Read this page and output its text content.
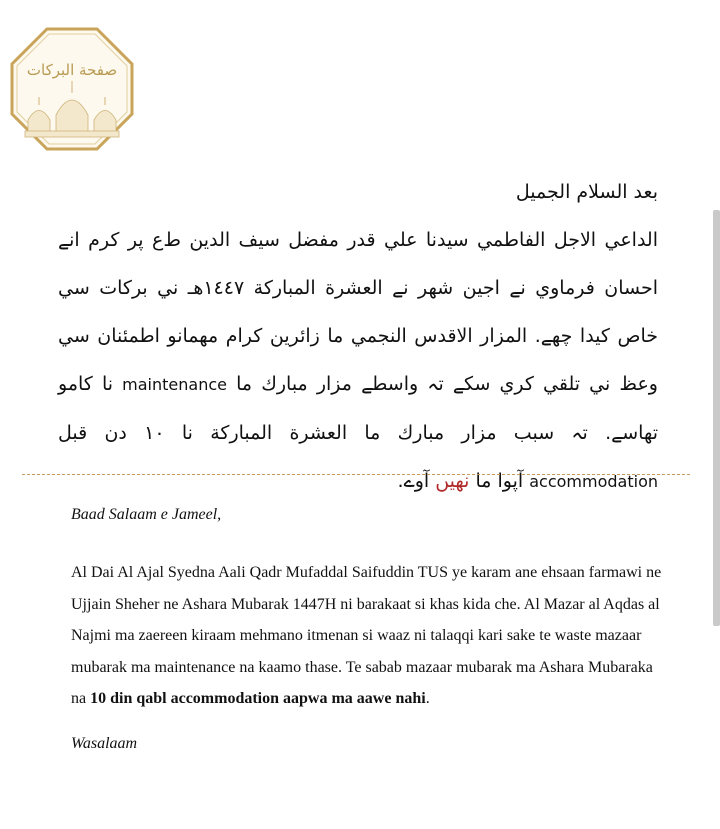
صفحة البركات
بعد السلام الجميل
الداعي الاجل الفاطمي سيدنا علي قدر مفضل سيف الدين ط‌ع پر كرم انے احسان فرماوي نے اجين شهر نے العشرة المباركة ١٤٤٧هـ ني بركات سي خاص كيدا چھے. المزار الاقدس النجمي ما زائرين كرام مهمانو اطمئنان سي وعظ ني تلقي كري سكے تہ واسطے مزار مبارك ما maintenance نا كامو تھاسے. تہ سبب مزار مبارك ما العشرة المباركة نا ١٠ دن قبل accommodation آپوا ما نهيں آوے.
Baad Salaam e Jameel,
Al Dai Al Ajal Syedna Aali Qadr Mufaddal Saifuddin TUS ye karam ane ehsaan farmawi ne Ujjain Sheher ne Ashara Mubarak 1447H ni barakaat si khas kida che. Al Mazar al Aqdas al Najmi ma zaereen kiraam mehmano itmenan si waaz ni talaqqi kari sake te waste mazaar mubarak ma maintenance na kaamo thase. Te sabab mazaar mubarak ma Ashara Mubaraka na 10 din qabl accommodation aapwa ma aawe nahi.
Wasalaam
